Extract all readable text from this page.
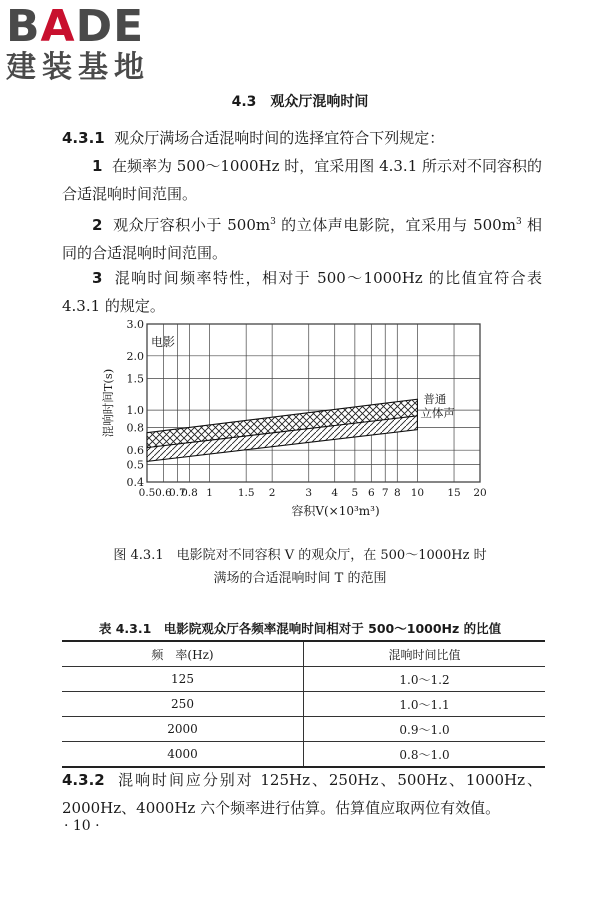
BADE
建装基地
4.3　观众厅混响时间
4.3.1 观众厅满场合适混响时间的选择宜符合下列规定：
1 在频率为 500～1000Hz 时，宜采用图 4.3.1 所示对不同容积的合适混响时间范围。
2 观众厅容积小于 $500m^3$ 的立体声电影院，宜采用与 $500m^3$ 相同的合适混响时间范围。
3 混响时间频率特性，相对于 500～1000Hz 的比值宜符合表 4.3.1 的规定。
0.5 0.6
0.7
0.8 1 1.5 2	3 4 5 6 7 8 10 15 20
0.4
0.5
0.6
0.8
1.0
1.5
2.0
3.0
普通
立体声
电影
容积V(×10³m³)
混响时间T(s)
图 4.3.1　电影院对不同容积 V 的观众厅，在 500～1000Hz 时
满场的合适混响时间 T 的范围
表 4.3.1　电影院观众厅各频率混响时间相对于 500～1000Hz 的比值
频　率(Hz)	混响时间比值
125	1.0～1.2
250	1.0～1.1
2000	0.9～1.0
4000	0.8～1.0
4.3.2 混响时间应分别对 125Hz、250Hz、500Hz、1000Hz、2000Hz、4000Hz 六个频率进行估算。估算值应取两位有效值。
· 10 ·
